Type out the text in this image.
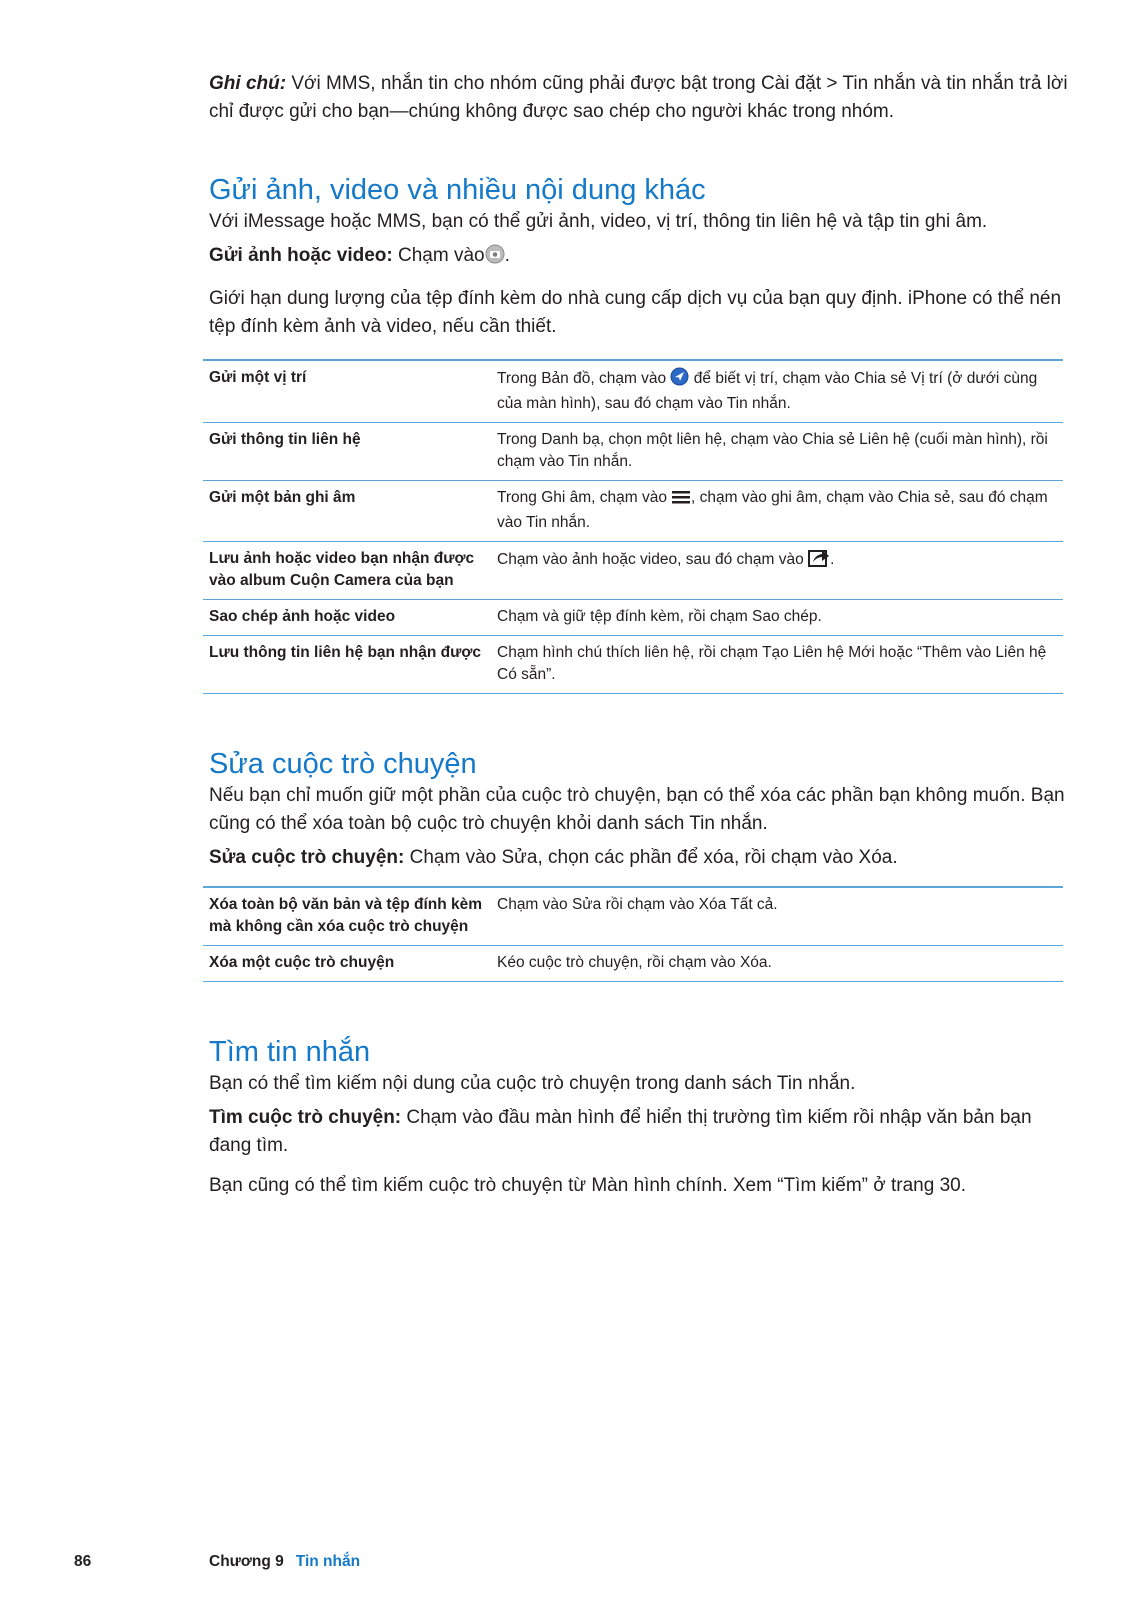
Ghi chú: Với MMS, nhắn tin cho nhóm cũng phải được bật trong Cài đặt > Tin nhắn và tin nhắn trả lời chỉ được gửi cho bạn—chúng không được sao chép cho người khác trong nhóm.

Gửi ảnh, video và nhiều nội dung khác

Với iMessage hoặc MMS, bạn có thể gửi ảnh, video, vị trí, thông tin liên hệ và tập tin ghi âm.

Gửi ảnh hoặc video: Chạm vào .

Giới hạn dung lượng của tệp đính kèm do nhà cung cấp dịch vụ của bạn quy định. iPhone có thể nén tệp đính kèm ảnh và video, nếu cần thiết.

Gửi một vị trí	Trong Bản đồ, chạm vào để biết vị trí, chạm vào Chia sẻ Vị trí (ở dưới cùng của màn hình), sau đó chạm vào Tin nhắn.
Gửi thông tin liên hệ	Trong Danh bạ, chọn một liên hệ, chạm vào Chia sẻ Liên hệ (cuối màn hình), rồi chạm vào Tin nhắn.
Gửi một bản ghi âm	Trong Ghi âm, chạm vào , chạm vào ghi âm, chạm vào Chia sẻ, sau đó chạm vào Tin nhắn.
Lưu ảnh hoặc video bạn nhận được vào album Cuộn Camera của bạn	Chạm vào ảnh hoặc video, sau đó chạm vào .
Sao chép ảnh hoặc video	Chạm và giữ tệp đính kèm, rồi chạm Sao chép.
Lưu thông tin liên hệ bạn nhận được	Chạm hình chú thích liên hệ, rồi chạm Tạo Liên hệ Mới hoặc “Thêm vào Liên hệ Có sẵn”.
Sửa cuộc trò chuyện

Nếu bạn chỉ muốn giữ một phần của cuộc trò chuyện, bạn có thể xóa các phần bạn không muốn. Bạn cũng có thể xóa toàn bộ cuộc trò chuyện khỏi danh sách Tin nhắn.

Sửa cuộc trò chuyện: Chạm vào Sửa, chọn các phần để xóa, rồi chạm vào Xóa.

Xóa toàn bộ văn bản và tệp đính kèm mà không cần xóa cuộc trò chuyện	Chạm vào Sửa rồi chạm vào Xóa Tất cả.
Xóa một cuộc trò chuyện	Kéo cuộc trò chuyện, rồi chạm vào Xóa.
Tìm tin nhắn

Bạn có thể tìm kiếm nội dung của cuộc trò chuyện trong danh sách Tin nhắn.

Tìm cuộc trò chuyện: Chạm vào đầu màn hình để hiển thị trường tìm kiếm rồi nhập văn bản bạn đang tìm.

Bạn cũng có thể tìm kiếm cuộc trò chuyện từ Màn hình chính. Xem “Tìm kiếm” ở trang 30.

86	Chương 9 Tin nhắn
